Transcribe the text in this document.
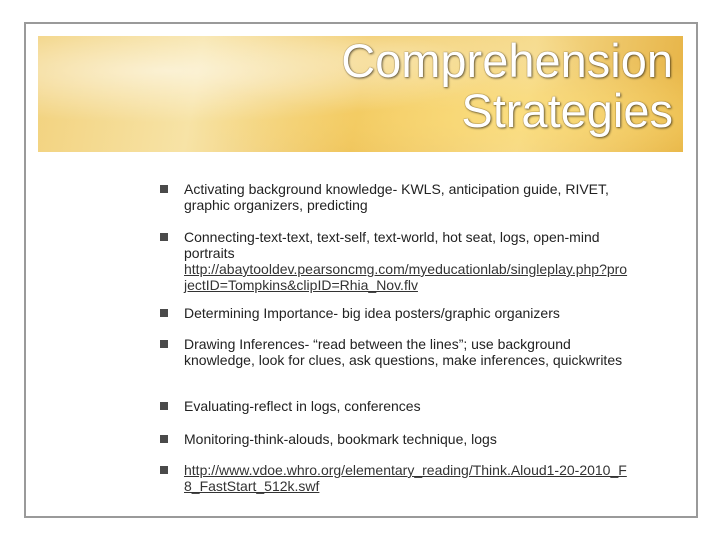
Comprehension
Strategies
Activating background knowledge- KWLS, anticipation guide, RIVET, graphic organizers, predicting
Connecting-text-text, text-self, text-world, hot seat, logs, open-mind portraits
http://abaytooldev.pearsoncmg.com/myeducationlab/singleplay.php?projectID=Tompkins&clipID=Rhia_Nov.flv
Determining Importance- big idea posters/graphic organizers
Drawing Inferences- “read between the lines”; use background knowledge, look for clues, ask questions, make inferences, quickwrites
Evaluating-reflect in logs, conferences
Monitoring-think-alouds, bookmark technique, logs
http://www.vdoe.whro.org/elementary_reading/Think.Aloud1-20-2010_F8_FastStart_512k.swf
